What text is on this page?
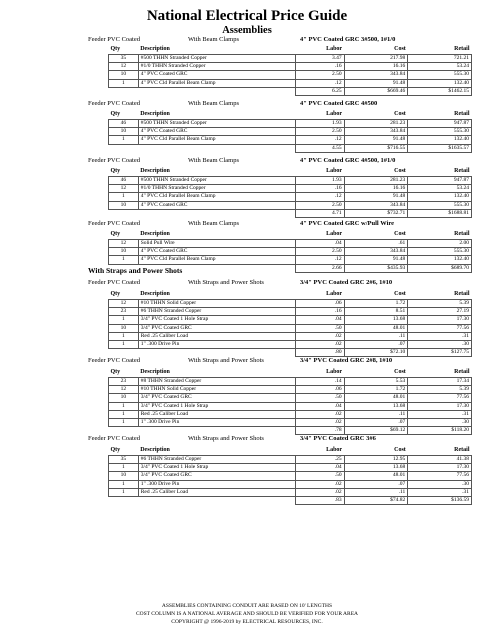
National Electrical Price Guide
Assemblies
Feeder PVC Coated	With Beam Clamps	4" PVC Coated GRC 3#500, 1#1/0
Qty	Description	Labor	Cost	Retail
35	#500 THHN Stranded Copper	3.47	217.98	721.21
12	#1/0 THHN Stranded Copper	.16	16.16	53.24
10	4" PVC Coated GRC	2.50	343.84	555.30
1	4" PVC Cld Parallel Beam Clamp	.12	91.48	132.40
		6.25	$669.46	$1462.15
Feeder PVC Coated	With Beam Clamps	4" PVC Coated GRC 4#500
Qty	Description	Labor	Cost	Retail
46	#500 THHN Stranded Copper	1.93	281.23	947.87
10	4" PVC Coated GRC	2.50	343.84	555.30
1	4" PVC Cld Parallel Beam Clamp	.12	91.48	132.40
		4.55	$716.55	$1635.57
Feeder PVC Coated	With Beam Clamps	4" PVC Coated GRC 4#500, 1#1/0
Qty	Description	Labor	Cost	Retail
46	#500 THHN Stranded Copper	1.93	281.23	947.87
12	#1/0 THHN Stranded Copper	.16	16.16	53.24
1	4" PVC Cld Parallel Beam Clamp	.12	91.48	132.40
10	4" PVC Coated GRC	2.50	343.84	555.30
		4.71	$732.71	$1688.81
Feeder PVC Coated	With Beam Clamps	4" PVC Coated GRC w/Pull Wire
Qty	Description	Labor	Cost	Retail
12	Solid Pull Wire	.04	.61	2.00
10	4" PVC Coated GRC	2.50	343.84	555.30
1	4" PVC Cld Parallel Beam Clamp	.12	91.48	132.40
		2.66	$435.93	$689.70
Feeder PVC Coated	With Straps and Power Shots	3/4" PVC Coated GRC 2#6, 1#10
Qty	Description	Labor	Cost	Retail
12	#10 THHN Solid Copper	.06	1.72	5.39
23	#6 THHN Stranded Copper	.16	8.51	27.19
1	3/4" PVC Coated 1 Hole Strap	.04	13.68	17.30
10	3/4" PVC Coated GRC	.50	48.01	77.56
1	Red .25 Caliber Load	.02	.11	.31
1	1" .300 Drive Pin	.02	.07	.30
		.80	$72.10	$127.75
Feeder PVC Coated	With Straps and Power Shots	3/4" PVC Coated GRC 2#8, 1#10
Qty	Description	Labor	Cost	Retail
23	#8 THHN Stranded Copper	.14	5.53	17.34
12	#10 THHN Solid Copper	.06	1.72	5.39
10	3/4" PVC Coated GRC	.50	48.01	77.56
1	3/4" PVC Coated 1 Hole Strap	.04	13.68	17.30
1	Red .25 Caliber Load	.02	.11	.31
1	1" .300 Drive Pin	.02	.07	.30
		.78	$69.12	$118.20
Feeder PVC Coated	With Straps and Power Shots	3/4" PVC Coated GRC 3#6
Qty	Description	Labor	Cost	Retail
35	#6 THHN Stranded Copper	.25	12.95	41.38
1	3/4" PVC Coated 1 Hole Strap	.04	13.68	17.30
10	3/4" PVC Coated GRC	.50	48.01	77.56
1	1" .300 Drive Pin	.02	.07	.30
1	Red .25 Caliber Load	.02	.11	.31
		.83	$74.82	$136.59
With Straps and Power Shots
ASSEMBLIES CONTAINING CONDUIT ARE BASED ON 10' LENGTHS
COST COLUMN IS A NATIONAL AVERAGE AND SHOULD BE VERIFIED FOR YOUR AREA
COPYRIGHT @ 1996-2019 by ELECTRICAL RESOURCES, INC.
